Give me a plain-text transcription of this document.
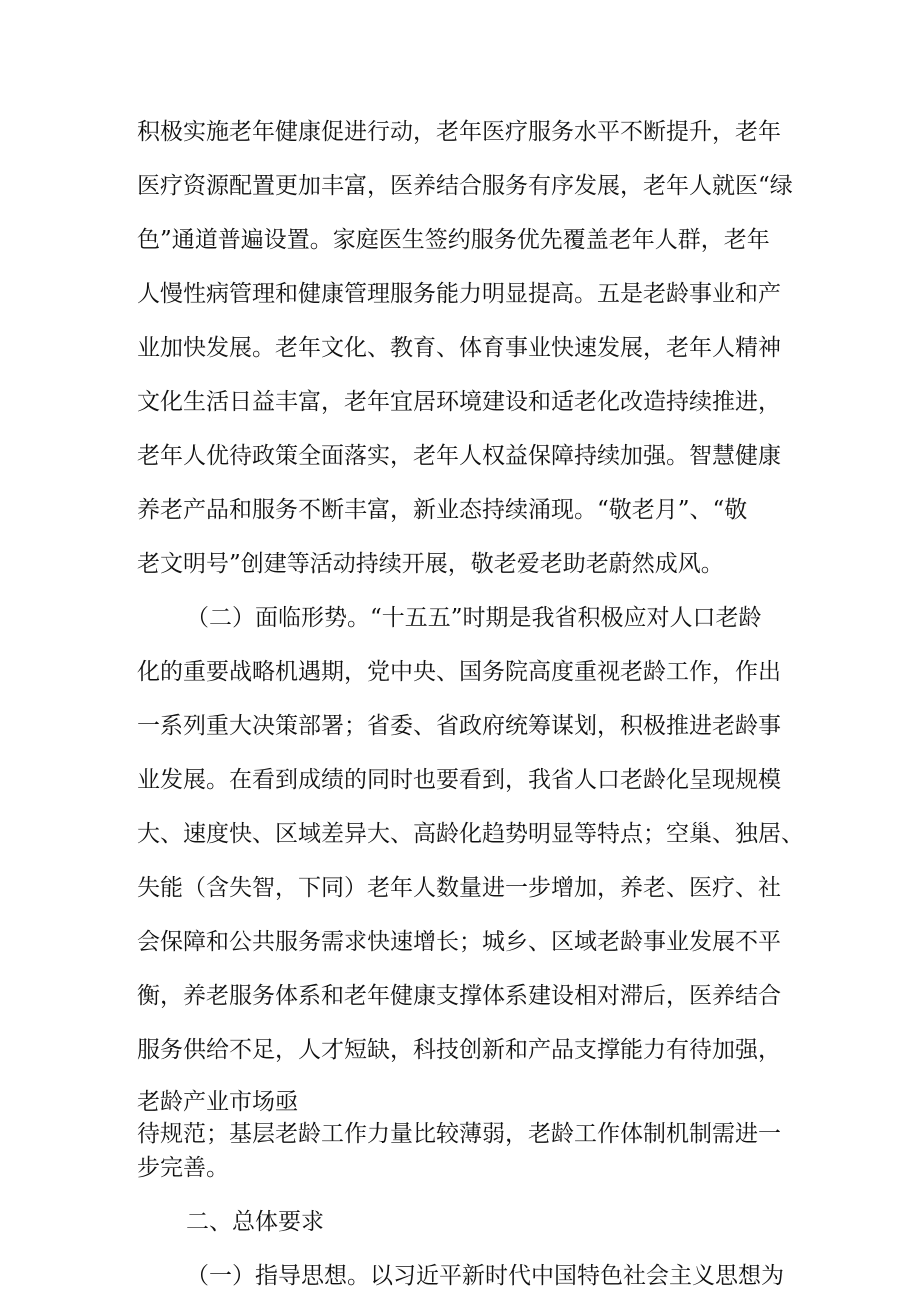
积极实施老年健康促进行动，老年医疗服务水平不断提升，老年

医疗资源配置更加丰富，医养结合服务有序发展，老年人就医“绿

色”通道普遍设置。家庭医生签约服务优先覆盖老年人群，老年

人慢性病管理和健康管理服务能力明显提高。五是老龄事业和产

业加快发展。老年文化、教育、体育事业快速发展，老年人精神

文化生活日益丰富，老年宜居环境建设和适老化改造持续推进，

老年人优待政策全面落实，老年人权益保障持续加强。智慧健康

养老产品和服务不断丰富，新业态持续涌现。“敬老月”、“敬

老文明号”创建等活动持续开展，敬老爱老助老蔚然成风。

（二）面临形势。“十五五”时期是我省积极应对人口老龄

化的重要战略机遇期，党中央、国务院高度重视老龄工作，作出

一系列重大决策部署；省委、省政府统筹谋划，积极推进老龄事

业发展。在看到成绩的同时也要看到，我省人口老龄化呈现规模

大、速度快、区域差异大、高龄化趋势明显等特点；空巢、独居、

失能（含失智，下同）老年人数量进一步增加，养老、医疗、社

会保障和公共服务需求快速增长；城乡、区域老龄事业发展不平

衡，养老服务体系和老年健康支撑体系建设相对滞后，医养结合

服务供给不足，人才短缺，科技创新和产品支撑能力有待加强，

老龄产业市场亟

待规范；基层老龄工作力量比较薄弱，老龄工作体制机制需进一

步完善。

二、总体要求

（一）指导思想。以习近平新时代中国特色社会主义思想为
